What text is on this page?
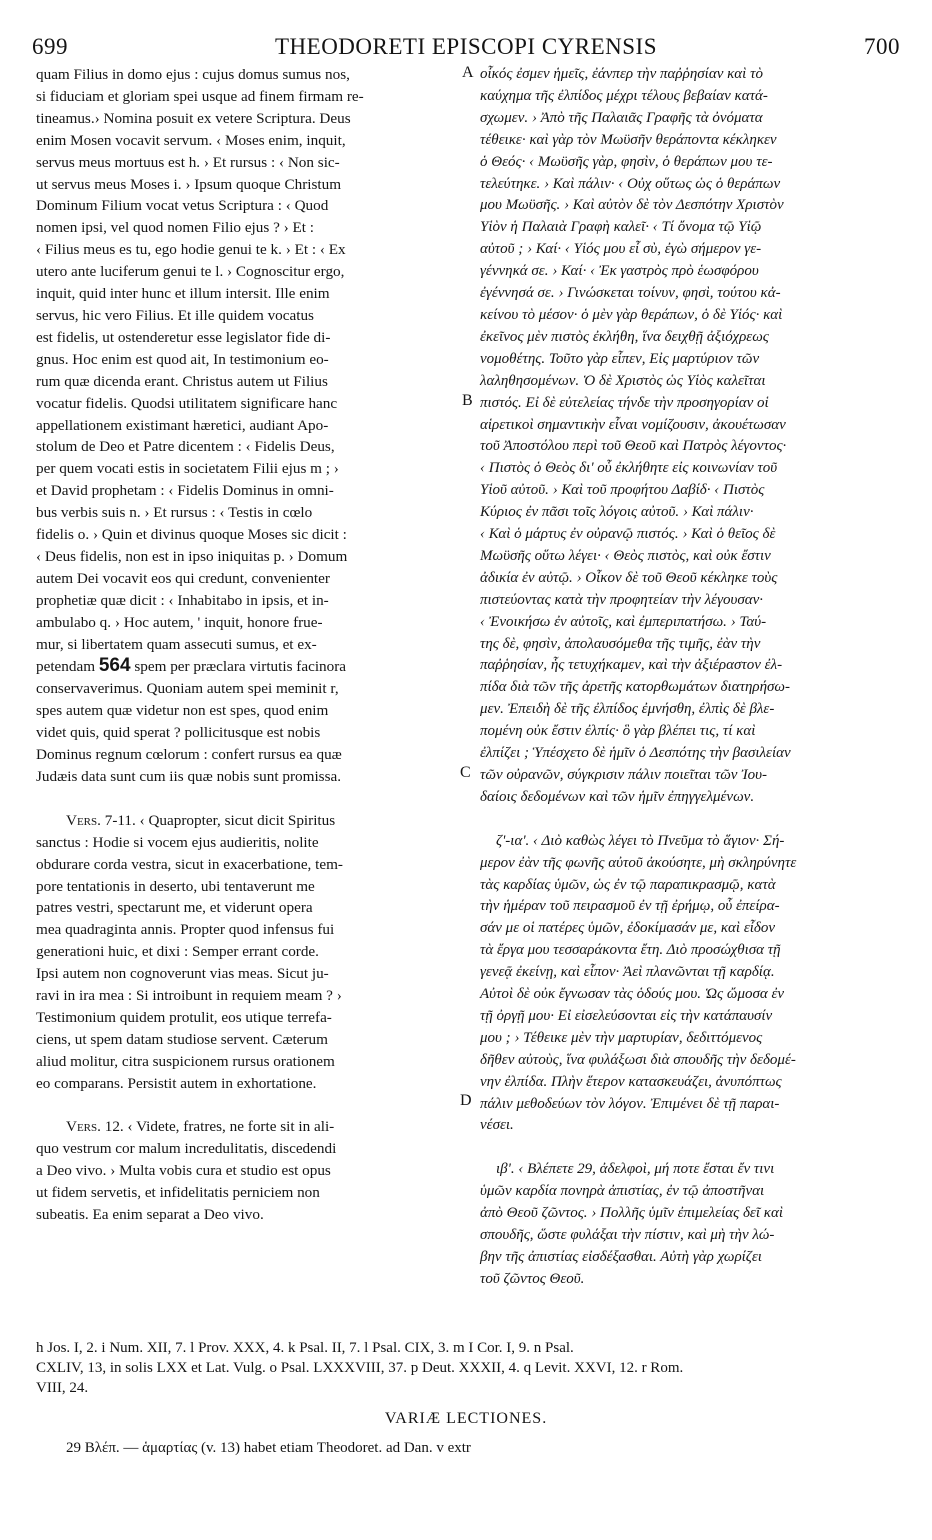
699	THEODORETI EPISCOPI CYRENSIS	700
A
B
C
D

quam Filius in domo ejus : cujus domus sumus nos,

si fiduciam et gloriam spei usque ad finem firmam re-

tineamus.› Nomina posuit ex vetere Scriptura. Deus

enim Mosen vocavit servum. ‹ Moses enim, inquit,

servus meus mortuus est h. › Et rursus : ‹ Non sic-

ut servus meus Moses i. › Ipsum quoque Christum

Dominum Filium vocat vetus Scriptura : ‹ Quod

nomen ipsi, vel quod nomen Filio ejus ? › Et :

‹ Filius meus es tu, ego hodie genui te k. › Et : ‹ Ex

utero ante luciferum genui te l. › Cognoscitur ergo,

inquit, quid inter hunc et illum intersit. Ille enim

servus, hic vero Filius. Et ille quidem vocatus

est fidelis, ut ostenderetur esse legislator fide di-

gnus. Hoc enim est quod ait, In testimonium eo-

rum quæ dicenda erant. Christus autem ut Filius

vocatur fidelis. Quodsi utilitatem significare hanc

appellationem existimant hæretici, audiant Apo-

stolum de Deo et Patre dicentem : ‹ Fidelis Deus,

per quem vocati estis in societatem Filii ejus m ; ›

et David prophetam : ‹ Fidelis Dominus in omni-

bus verbis suis n. › Et rursus : ‹ Testis in cœlo

fidelis o. › Quin et divinus quoque Moses sic dicit :

‹ Deus fidelis, non est in ipso iniquitas p. › Domum

autem Dei vocavit eos qui credunt, convenienter

prophetiæ quæ dicit : ‹ Inhabitabo in ipsis, et in-

ambulabo q. › Hoc autem, ' inquit, honore frue-

mur, si libertatem quam assecuti sumus, et ex-

petendam 564 spem per præclara virtutis facinora

conservaverimus. Quoniam autem spei meminit r,

spes autem quæ videtur non est spes, quod enim

videt quis, quid sperat ? pollicitusque est nobis

Dominus regnum cœlorum : confert rursus ea quæ

Judæis data sunt cum iis quæ nobis sunt promissa.

Vers. 7-11. ‹ Quapropter, sicut dicit Spiritus

sanctus : Hodie si vocem ejus audieritis, nolite

obdurare corda vestra, sicut in exacerbatione, tem-

pore tentationis in deserto, ubi tentaverunt me

patres vestri, spectarunt me, et viderunt opera

mea quadraginta annis. Propter quod infensus fui

generationi huic, et dixi : Semper errant corde.

Ipsi autem non cognoverunt vias meas. Sicut ju-

ravi in ira mea : Si introibunt in requiem meam ? ›

Testimonium quidem protulit, eos utique terrefa-

ciens, ut spem datam studiose servent. Cæterum

aliud molitur, citra suspicionem rursus orationem

eo comparans. Persistit autem in exhortatione.

Vers. 12. ‹ Videte, fratres, ne forte sit in ali-

quo vestrum cor malum incredulitatis, discedendi

a Deo vivo. › Multa vobis cura et studio est opus

ut fidem servetis, et infidelitatis perniciem non

subeatis. Ea enim separat a Deo vivo.

οἶκός ἐσμεν ἡμεῖς, ἐάνπερ τὴν παῤῥησίαν καὶ τὸ

καύχημα τῆς ἐλπίδος μέχρι τέλους βεβαίαν κατά-

σχωμεν. › Ἀπὸ τῆς Παλαιᾶς Γραφῆς τὰ ὀνόματα

τέθεικε· καὶ γὰρ τὸν Μωϋσῆν θεράποντα κέκληκεν

ὁ Θεός· ‹ Μωϋσῆς γὰρ, φησὶν, ὁ θεράπων μου τε-

τελεύτηκε. › Καὶ πάλιν· ‹ Οὐχ οὕτως ὡς ὁ θεράπων

μου Μωϋσῆς. › Καὶ αὐτὸν δὲ τὸν Δεσπότην Χριστὸν

Υἱὸν ἡ Παλαιὰ Γραφὴ καλεῖ· ‹ Τί ὄνομα τῷ Υἱῷ

αὐτοῦ ; › Καί· ‹ Υἱός μου εἶ σὺ, ἐγὼ σήμερον γε-

γέννηκά σε. › Καί· ‹ Ἐκ γαστρὸς πρὸ ἑωσφόρου

ἐγέννησά σε. › Γινώσκεται τοίνυν, φησὶ, τούτου κἀ-

κείνου τὸ μέσον· ὁ μὲν γὰρ θεράπων, ὁ δὲ Υἱός· καὶ

ἐκεῖνος μὲν πιστὸς ἐκλήθη, ἵνα δειχθῇ ἀξιόχρεως

νομοθέτης. Τοῦτο γὰρ εἶπεν, Εἰς μαρτύριον τῶν

λαληθησομένων. Ὁ δὲ Χριστὸς ὡς Υἱὸς καλεῖται

πιστός. Εἰ δὲ εὐτελείας τήνδε τὴν προσηγορίαν οἱ

αἱρετικοὶ σημαντικὴν εἶναι νομίζουσιν, ἀκουέτωσαν

τοῦ Ἀποστόλου περὶ τοῦ Θεοῦ καὶ Πατρὸς λέγοντος·

‹ Πιστὸς ὁ Θεὸς δι' οὗ ἐκλήθητε εἰς κοινωνίαν τοῦ

Υἱοῦ αὐτοῦ. › Καὶ τοῦ προφήτου Δαβίδ· ‹ Πιστὸς

Κύριος ἐν πᾶσι τοῖς λόγοις αὐτοῦ. › Καὶ πάλιν·

‹ Καὶ ὁ μάρτυς ἐν οὐρανῷ πιστός. › Καὶ ὁ θεῖος δὲ

Μωϋσῆς οὕτω λέγει· ‹ Θεὸς πιστὸς, καὶ οὐκ ἔστιν

ἀδικία ἐν αὐτῷ. › Οἶκον δὲ τοῦ Θεοῦ κέκληκε τοὺς

πιστεύοντας κατὰ τὴν προφητείαν τὴν λέγουσαν·

‹ Ἐνοικήσω ἐν αὐτοῖς, καὶ ἐμπεριπατήσω. › Ταύ-

της δὲ, φησὶν, ἀπολαυσόμεθα τῆς τιμῆς, ἐὰν τὴν

παῤῥησίαν, ἧς τετυχήκαμεν, καὶ τὴν ἀξιέραστον ἐλ-

πίδα διὰ τῶν τῆς ἀρετῆς κατορθωμάτων διατηρήσω-

μεν. Ἐπειδὴ δὲ τῆς ἐλπίδος ἐμνήσθη, ἐλπὶς δὲ βλε-

πομένη οὐκ ἔστιν ἐλπίς· ὃ γὰρ βλέπει τις, τί καὶ

ἐλπίζει ; Ὑπέσχετο δὲ ἡμῖν ὁ Δεσπότης τὴν βασιλείαν

τῶν οὐρανῶν, σύγκρισιν πάλιν ποιεῖται τῶν Ἰου-

δαίοις δεδομένων καὶ τῶν ἡμῖν ἐπηγγελμένων.

ζ'-ια'. ‹ Διὸ καθὼς λέγει τὸ Πνεῦμα τὸ ἅγιον· Σή-

μερον ἐὰν τῆς φωνῆς αὐτοῦ ἀκούσητε, μὴ σκληρύνητε

τὰς καρδίας ὑμῶν, ὡς ἐν τῷ παραπικρασμῷ, κατὰ

τὴν ἡμέραν τοῦ πειρασμοῦ ἐν τῇ ἐρήμῳ, οὗ ἐπείρα-

σάν με οἱ πατέρες ὑμῶν, ἐδοκίμασάν με, καὶ εἶδον

τὰ ἔργα μου τεσσαράκοντα ἔτη. Διὸ προσώχθισα τῇ

γενεᾷ ἐκείνῃ, καὶ εἶπον· Ἀεὶ πλανῶνται τῇ καρδίᾳ.

Αὐτοὶ δὲ οὐκ ἔγνωσαν τὰς ὁδούς μου. Ὡς ὤμοσα ἐν

τῇ ὀργῇ μου· Εἰ εἰσελεύσονται εἰς τὴν κατάπαυσίν

μου ; › Τέθεικε μὲν τὴν μαρτυρίαν, δεδιττόμενος

δῆθεν αὐτοὺς, ἵνα φυλάξωσι διὰ σπουδῆς τὴν δεδομέ-

νην ἐλπίδα. Πλὴν ἕτερον κατασκευάζει, ἀνυπόπτως

πάλιν μεθοδεύων τὸν λόγον. Ἐπιμένει δὲ τῇ παραι-

νέσει.

ιβ'. ‹ Βλέπετε 29, ἀδελφοὶ, μή ποτε ἔσται ἔν τινι

ὑμῶν καρδία πονηρὰ ἀπιστίας, ἐν τῷ ἀποστῆναι

ἀπὸ Θεοῦ ζῶντος. › Πολλῆς ὑμῖν ἐπιμελείας δεῖ καὶ

σπουδῆς, ὥστε φυλάξαι τὴν πίστιν, καὶ μὴ τὴν λώ-

βην τῆς ἀπιστίας εἰσδέξασθαι. Αὐτὴ γὰρ χωρίζει

τοῦ ζῶντος Θεοῦ.

h Jos. I, 2. i Num. XII, 7. l Prov. XXX, 4. k Psal. II, 7. l Psal. CIX, 3. m I Cor. I, 9. n Psal.

CXLIV, 13, in solis LXX et Lat. Vulg. o Psal. LXXXVIII, 37. p Deut. XXXII, 4. q Levit. XXVI, 12. r Rom.

VIII, 24.

VARIÆ LECTIONES.
29 Βλέπ. — ἁμαρτίας (v. 13) habet etiam Theodoret. ad Dan. v extr
